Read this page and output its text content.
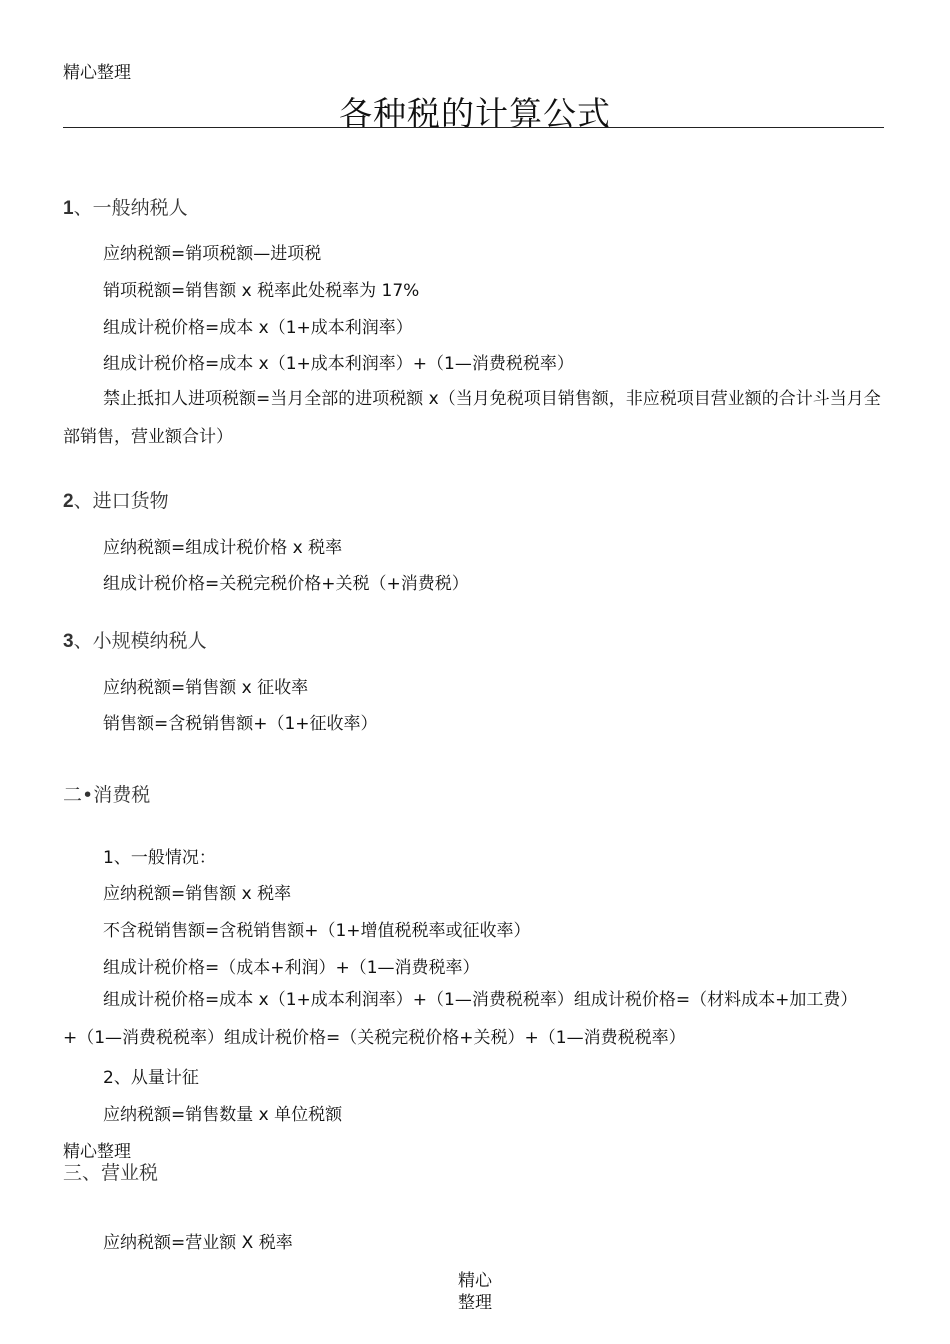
精心整理
各种税的计算公式
1、一般纳税人
应纳税额=销项税额—进项税
销项税额=销售额 x 税率此处税率为 17%
组成计税价格=成本 x（1+成本利润率）
组成计税价格=成本 x（1+成本利润率）+（1—消费税税率）
禁止抵扣人进项税额=当月全部的进项税额 x（当月免税项目销售额，非应税项目营业额的合计斗当月全部销售，营业额合计）
2、进口货物
应纳税额=组成计税价格 x 税率
组成计税价格=关税完税价格+关税（+消费税）
3、小规模纳税人
应纳税额=销售额 x 征收率
销售额=含税销售额+（1+征收率）
二•消费税
1、一般情况：
应纳税额=销售额 x 税率
不含税销售额=含税销售额+（1+增值税税率或征收率）
组成计税价格=（成本+利润）+（1—消费税率）
组成计税价格=成本 x（1+成本利润率）+（1—消费税税率）组成计税价格=（材料成本+加工费）+（1—消费税税率）组成计税价格=（关税完税价格+关税）+（1—消费税税率）
2、从量计征
应纳税额=销售数量 x 单位税额
精心整理
三、营业税
应纳税额=营业额 X 税率
精心
整理
